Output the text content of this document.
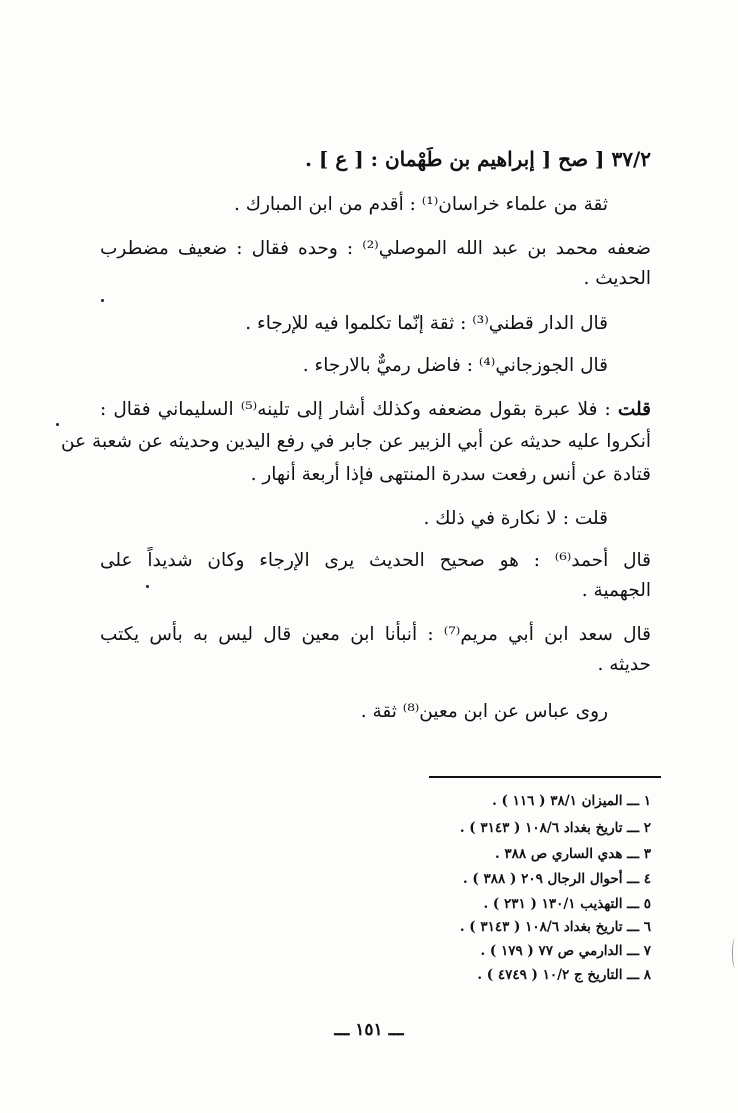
٣٧/٢ [ صح [ إبراهيم بن طَهْمان : [ ع ] .
ثقة من علماء خراسان⁽¹⁾ : أقدم من ابن المبارك .
ضعفه محمد بن عبد الله الموصلي⁽²⁾ : وحده فقال : ضعيف مضطرب
الحديث .
قال الدار قطني⁽³⁾ : ثقة إنّما تكلموا فيه للإرجاء .
قال الجوزجاني⁽⁴⁾ : فاضل رميٌّ بالارجاء .
قلت : فلا عبرة بقول مضعفه وكذلك أشار إلى تلينه⁽⁵⁾ السليماني فقال :
أنكروا عليه حديثه عن أبي الزبير عن جابر في رفع اليدين وحديثه عن شعبة عن
قتادة عن أنس رفعت سدرة المنتهى فإذا أربعة أنهار .
قلت : لا نكارة في ذلك .
قال أحمد⁽⁶⁾ : هو صحيح الحديث يرى الإرجاء وكان شديداً على
الجهمية .
قال سعد ابن أبي مريم⁽⁷⁾ : أنبأنا ابن معين قال ليس به بأس يكتب
حديثه .
روى عباس عن ابن معين⁽⁸⁾ ثقة .
١ ـــ الميزان ٣٨/١ ( ١١٦ ) .
٢ ـــ تاريخ بغداد ١٠٨/٦ ( ٣١٤٣ ) .
٣ ـــ هدي الساري ص ٣٨٨ .
٤ ـــ أحوال الرجال ٢٠٩ ( ٣٨٨ ) .
٥ ـــ التهذيب ١٣٠/١ ( ٢٣١ ) .
٦ ـــ تاريخ بغداد ١٠٨/٦ ( ٣١٤٣ ) .
٧ ـــ الدارمي ص ٧٧ ( ١٧٩ ) .
٨ ـــ التاريخ ج ١٠/٢ ( ٤٧٤٩ ) .
ـــ ١٥١ ـــ
